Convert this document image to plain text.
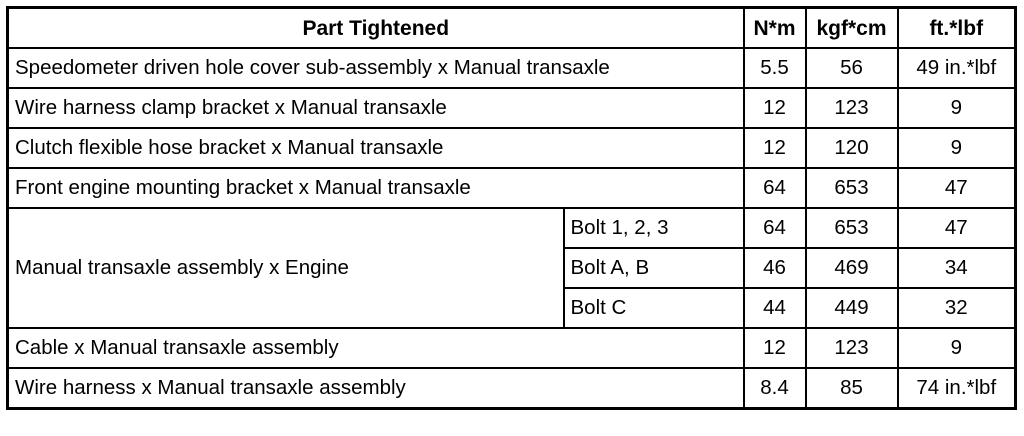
Part Tightened		N*m	kgf*cm	ft.*lbf
Speedometer driven hole cover sub-assembly x Manual transaxle		5.5	56	49 in.*lbf
Wire harness clamp bracket x Manual transaxle		12	123	9
Clutch flexible hose bracket x Manual transaxle		12	120	9
Front engine mounting bracket x Manual transaxle		64	653	47
Manual transaxle assembly x Engine	Bolt 1, 2, 3	64	653	47
	Bolt A, B	46	469	34
	Bolt C	44	449	32
Cable x Manual transaxle assembly		12	123	9
Wire harness x Manual transaxle assembly		8.4	85	74 in.*lbf
